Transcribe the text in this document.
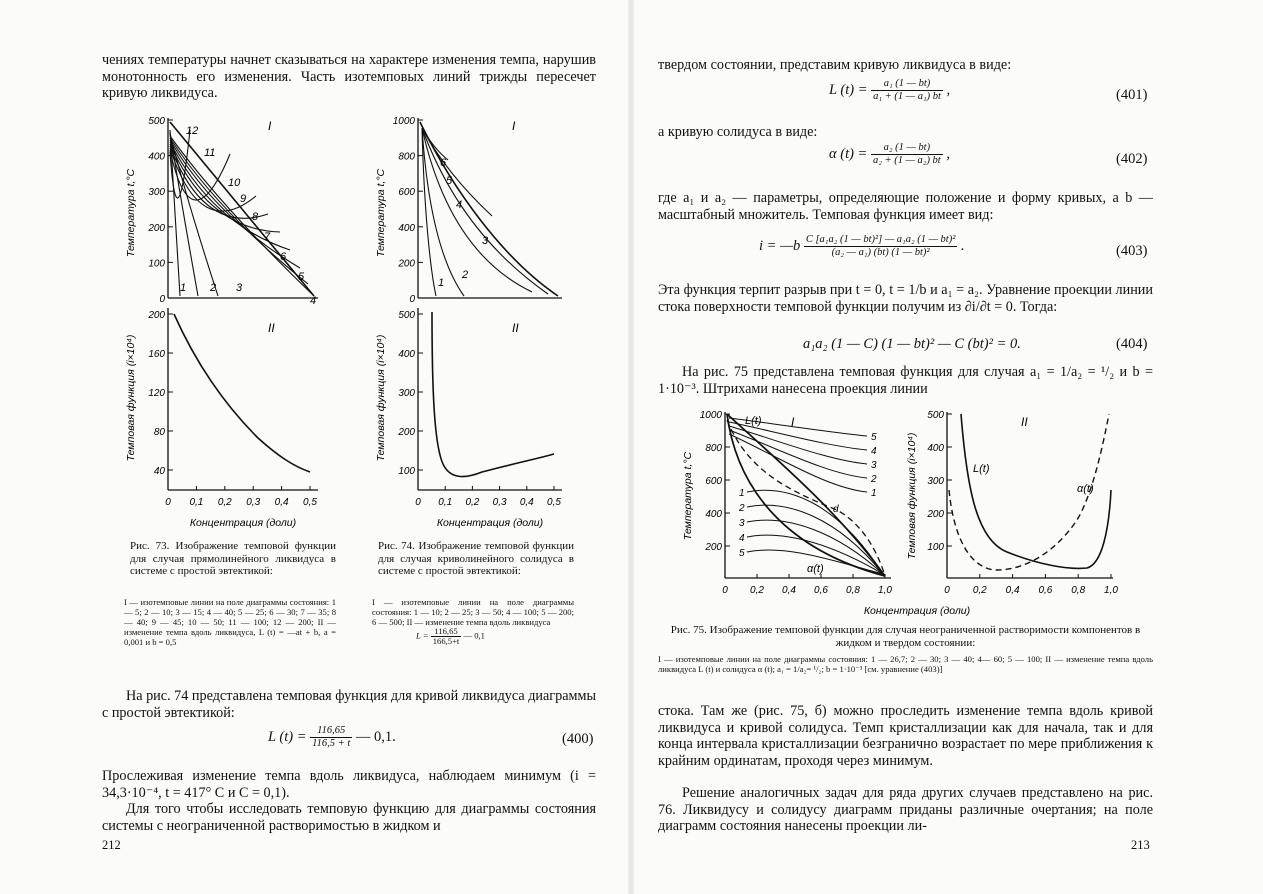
чениях температуры начнет сказываться на характере изменения темпа, нарушив монотонность его изменения. Часть изотемповых линий трижды пересечет кривую ликвидуса.

500
400
300
200
100
0
I
Температура t,°C
1 2 3
4
5
6
7
8
9
10
11
12
200
160
120
80
40
0 0,1 0,2 0,3 0,4 0,5
II
Темповая функция (i×10⁴)
Концентрация (доли)
1000
800
600
400
200
0
I
Температура t,°C
1
2
3
4
5
6
500
400
300
200
100
0 0,1 0,2 0,3 0,4 0,5
II
Темповая функция (i×10⁴)
Концентрация (доли)

Рис. 73. Изображение темповой функции для случая прямолинейного ликвидуса в системе с простой эвтектикой:

I — изотемповые линии на поле диаграммы состояния: 1 — 5; 2 — 10; 3 — 15; 4 — 40; 5 — 25; 6 — 30; 7 — 35; 8 — 40; 9 — 45; 10 — 50; 11 — 100; 12 — 200; II — изменение темпа вдоль ликвидуса, L (t) = —at + b, a = 0,001 и b = 0,5

Рис. 74. Изображение темповой функции для случая криволинейного солидуса в системе с простой эвтектикой:

I — изотемповые линии на поле диаграммы состояния: 1 — 10; 2 — 25; 3 — 50; 4 — 100; 5 — 200; 6 — 500; II — изменение темпа вдоль ликвидуса
$L = \frac{116,65}{166,5+t}$ — 0,1

На рис. 74 представлена темповая функция для кривой ликвидуса диаграммы с простой эвтектикой:

L $(t) = \frac{116,65}{116,5 + t}$ — 0,1.	(400)

Прослеживая изменение темпа вдоль ликвидуса, наблюдаем минимум (i = 34,3·10⁻⁴, t = 417° C и C = 0,1).

Для того чтобы исследовать темповую функцию для диаграммы состояния системы с неограниченной растворимостью в жидком и

212

твердом состоянии, представим кривую ликвидуса в виде:

L $(t) = \frac{\text{a₁ (1 — bt)}}{\text{a₁ + (1 — a₁) bt}}$ ,	(401)

а кривую солидуса в виде:

α $(t) = \frac{\text{a₂ (1 — bt)}}{\text{a₂ + (1 — a₂) bt}}$ ,	(402)

где a₁ и a₂ — параметры, определяющие положение и форму кривых, а b — масштабный множитель. Темповая функция имеет вид:

i = —b $\frac{\text{C [a₁a₂ (1 — bt)²] — a₁a₂ (1 — bt)²}}{\text{(a₂ — a₁) (bt) (1 — bt)²}}$ .	(403)

Эта функция терпит разрыв при t = 0, t = 1/b и a₁ = a₂. Уравнение проекции линии стока поверхности темповой функции получим из ∂i/∂t = 0. Тогда:

a₁a₂ (1 — C) (1 — bt)² — C (bt)² = 0.	(404)

На рис. 75 представлена темповая функция для случая a₁ = 1/a₂ = ¹/₂ и b = 1·10⁻³. Штрихами нанесена проекция линии

1000
800
600
400
200
0 0,2 0,4 0,6 0,8 1,0
I
Температура t,°C
L(t)
α(t)
d
5
1
4
2
3
3
2
4
1
5
500
400
300
200
100
0 0,2 0,4 0,6 0,8 1,0
II
Темповая функция (i×10⁴)	L(t)
α(t)
Концентрация (доли)

Рис. 75. Изображение темповой функции для случая неограниченной растворимости компонентов в жидком и твердом состоянии:

I — изотемповые линии на поле диаграммы состояния: 1 — 26,7; 2 — 30; 3 — 40; 4— 60; 5 — 100; II — изменение темпа вдоль ликвидуса L (t) и солидуса α (t); a₁ = 1/a₂= ¹/₂; b = 1·10⁻³ [см. уравнение (403)]

стока. Там же (рис. 75, б) можно проследить изменение темпа вдоль кривой ликвидуса и кривой солидуса. Темп кристаллизации как для начала, так и для конца интервала кристаллизации безгранично возрастает по мере приближения к крайним ординатам, проходя через минимум.

Решение аналогичных задач для ряда других случаев представлено на рис. 76. Ликвидусу и солидусу диаграмм приданы различные очертания; на поле диаграмм состояния нанесены проекции ли-

213
